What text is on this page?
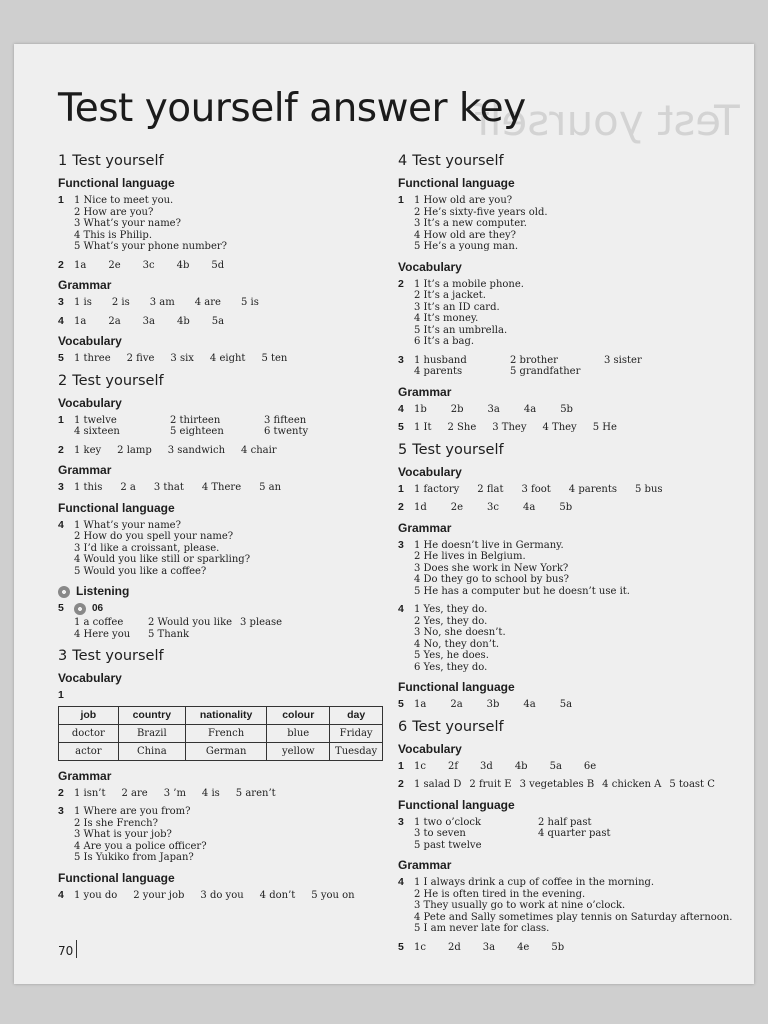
Test yourself
Test yourself answer key
1 Test yourself
Functional language
1	1 Nice to meet you.
2 How are you?
3 What’s your name?
4 This is Philip.
5 What’s your phone number?
2	1a 2e 3c 4b 5d
Grammar
3	1 is 2 is 3 am 4 are 5 is
4	1a 2a 3a 4b 5a
Vocabulary
5	1 three 2 five 3 six 4 eight 5 ten
2 Test yourself
Vocabulary
1	1 twelve	2 thirteen	3 fifteen
4 sixteen	5 eighteen	6 twenty
2	1 key 2 lamp 3 sandwich 4 chair
Grammar
3	1 this 2 a 3 that 4 There 5 an
Functional language
4	1 What’s your name?
2 How do you spell your name?
3 I’d like a croissant, please.
4 Would you like still or sparkling?
5 Would you like a coffee?
Listening
5	06
1 a coffee	2 Would you like 3 please
4 Here you	5 Thank
3 Test yourself
Vocabulary
1
job	country	nationality	colour	day
doctor	Brazil	French	blue	Friday
actor	China	German	yellow	Tuesday
Grammar
2	1 isn’t 2 are 3 ’m 4 is 5 aren’t
3	1 Where are you from?
2 Is she French?
3 What is your job?
4 Are you a police officer?
5 Is Yukiko from Japan?
Functional language
4	1 you do 2 your job 3 do you 4 don’t 5 you on
4 Test yourself
Functional language
1	1 How old are you?
2 He’s sixty-five years old.
3 It’s a new computer.
4 How old are they?
5 He’s a young man.
Vocabulary
2	1 It’s a mobile phone.
2 It’s a jacket.
3 It’s an ID card.
4 It’s money.
5 It’s an umbrella.
6 It’s a bag.
3	1 husband	2 brother	3 sister
4 parents	5 grandfather
Grammar
4	1b 2b 3a 4a 5b
5	1 It 2 She 3 They 4 They 5 He
5 Test yourself
Vocabulary
1	1 factory 2 flat 3 foot 4 parents 5 bus
2	1d 2e 3c 4a 5b
Grammar
3	1 He doesn’t live in Germany.
2 He lives in Belgium.
3 Does she work in New York?
4 Do they go to school by bus?
5 He has a computer but he doesn’t use it.
4	1 Yes, they do.
2 Yes, they do.
3 No, she doesn’t.
4 No, they don’t.
5 Yes, he does.
6 Yes, they do.
Functional language
5	1a 2a 3b 4a 5a
6 Test yourself
Vocabulary
1	1c 2f 3d 4b 5a 6e
2	1 salad D 2 fruit E 3 vegetables B 4 chicken A 5 toast C
Functional language
3	1 two o’clock	2 half past
3 to seven	4 quarter past
5 past twelve
Grammar
4	1 I always drink a cup of coffee in the morning.
2 He is often tired in the evening.
3 They usually go to work at nine o’clock.
4 Pete and Sally sometimes play tennis on Saturday afternoon.
5 I am never late for class.
5	1c 2d 3a 4e 5b
70
